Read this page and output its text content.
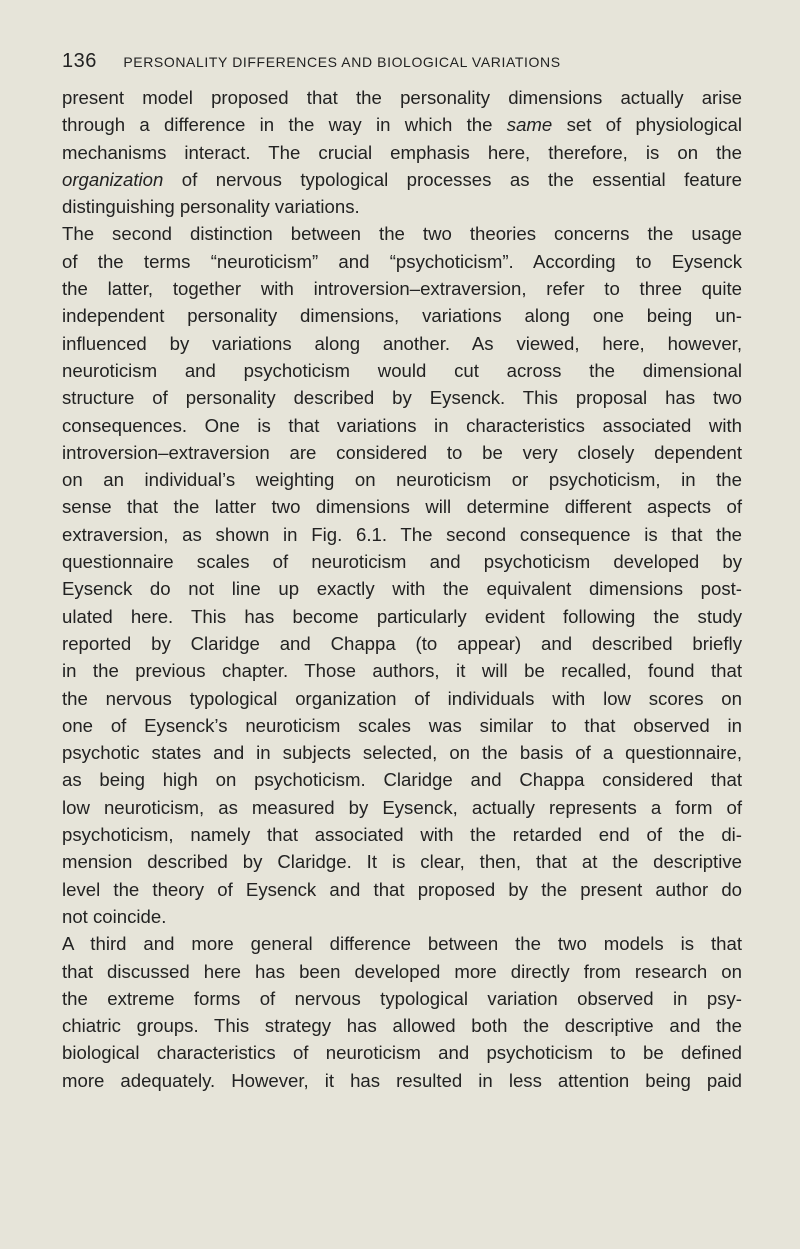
136 PERSONALITY DIFFERENCES AND BIOLOGICAL VARIATIONS
present model proposed that the personality dimensions actually arise
through a difference in the way in which the same set of physiological
mechanisms interact. The crucial emphasis here, therefore, is on the
organization of nervous typological processes as the essential feature
distinguishing personality variations.
The second distinction between the two theories concerns the usage
of the terms “neuroticism” and “psychoticism”. According to Eysenck
the latter, together with introversion–extraversion, refer to three quite
independent personality dimensions, variations along one being un-
influenced by variations along another. As viewed, here, however,
neuroticism and psychoticism would cut across the dimensional
structure of personality described by Eysenck. This proposal has two
consequences. One is that variations in characteristics associated with
introversion–extraversion are considered to be very closely dependent
on an individual’s weighting on neuroticism or psychoticism, in the
sense that the latter two dimensions will determine different aspects of
extraversion, as shown in Fig. 6.1. The second consequence is that the
questionnaire scales of neuroticism and psychoticism developed by
Eysenck do not line up exactly with the equivalent dimensions post-
ulated here. This has become particularly evident following the study
reported by Claridge and Chappa (to appear) and described briefly
in the previous chapter. Those authors, it will be recalled, found that
the nervous typological organization of individuals with low scores on
one of Eysenck’s neuroticism scales was similar to that observed in
psychotic states and in subjects selected, on the basis of a questionnaire,
as being high on psychoticism. Claridge and Chappa considered that
low neuroticism, as measured by Eysenck, actually represents a form of
psychoticism, namely that associated with the retarded end of the di-
mension described by Claridge. It is clear, then, that at the descriptive
level the theory of Eysenck and that proposed by the present author do
not coincide.
A third and more general difference between the two models is that
that discussed here has been developed more directly from research on
the extreme forms of nervous typological variation observed in psy-
chiatric groups. This strategy has allowed both the descriptive and the
biological characteristics of neuroticism and psychoticism to be defined
more adequately. However, it has resulted in less attention being paid
